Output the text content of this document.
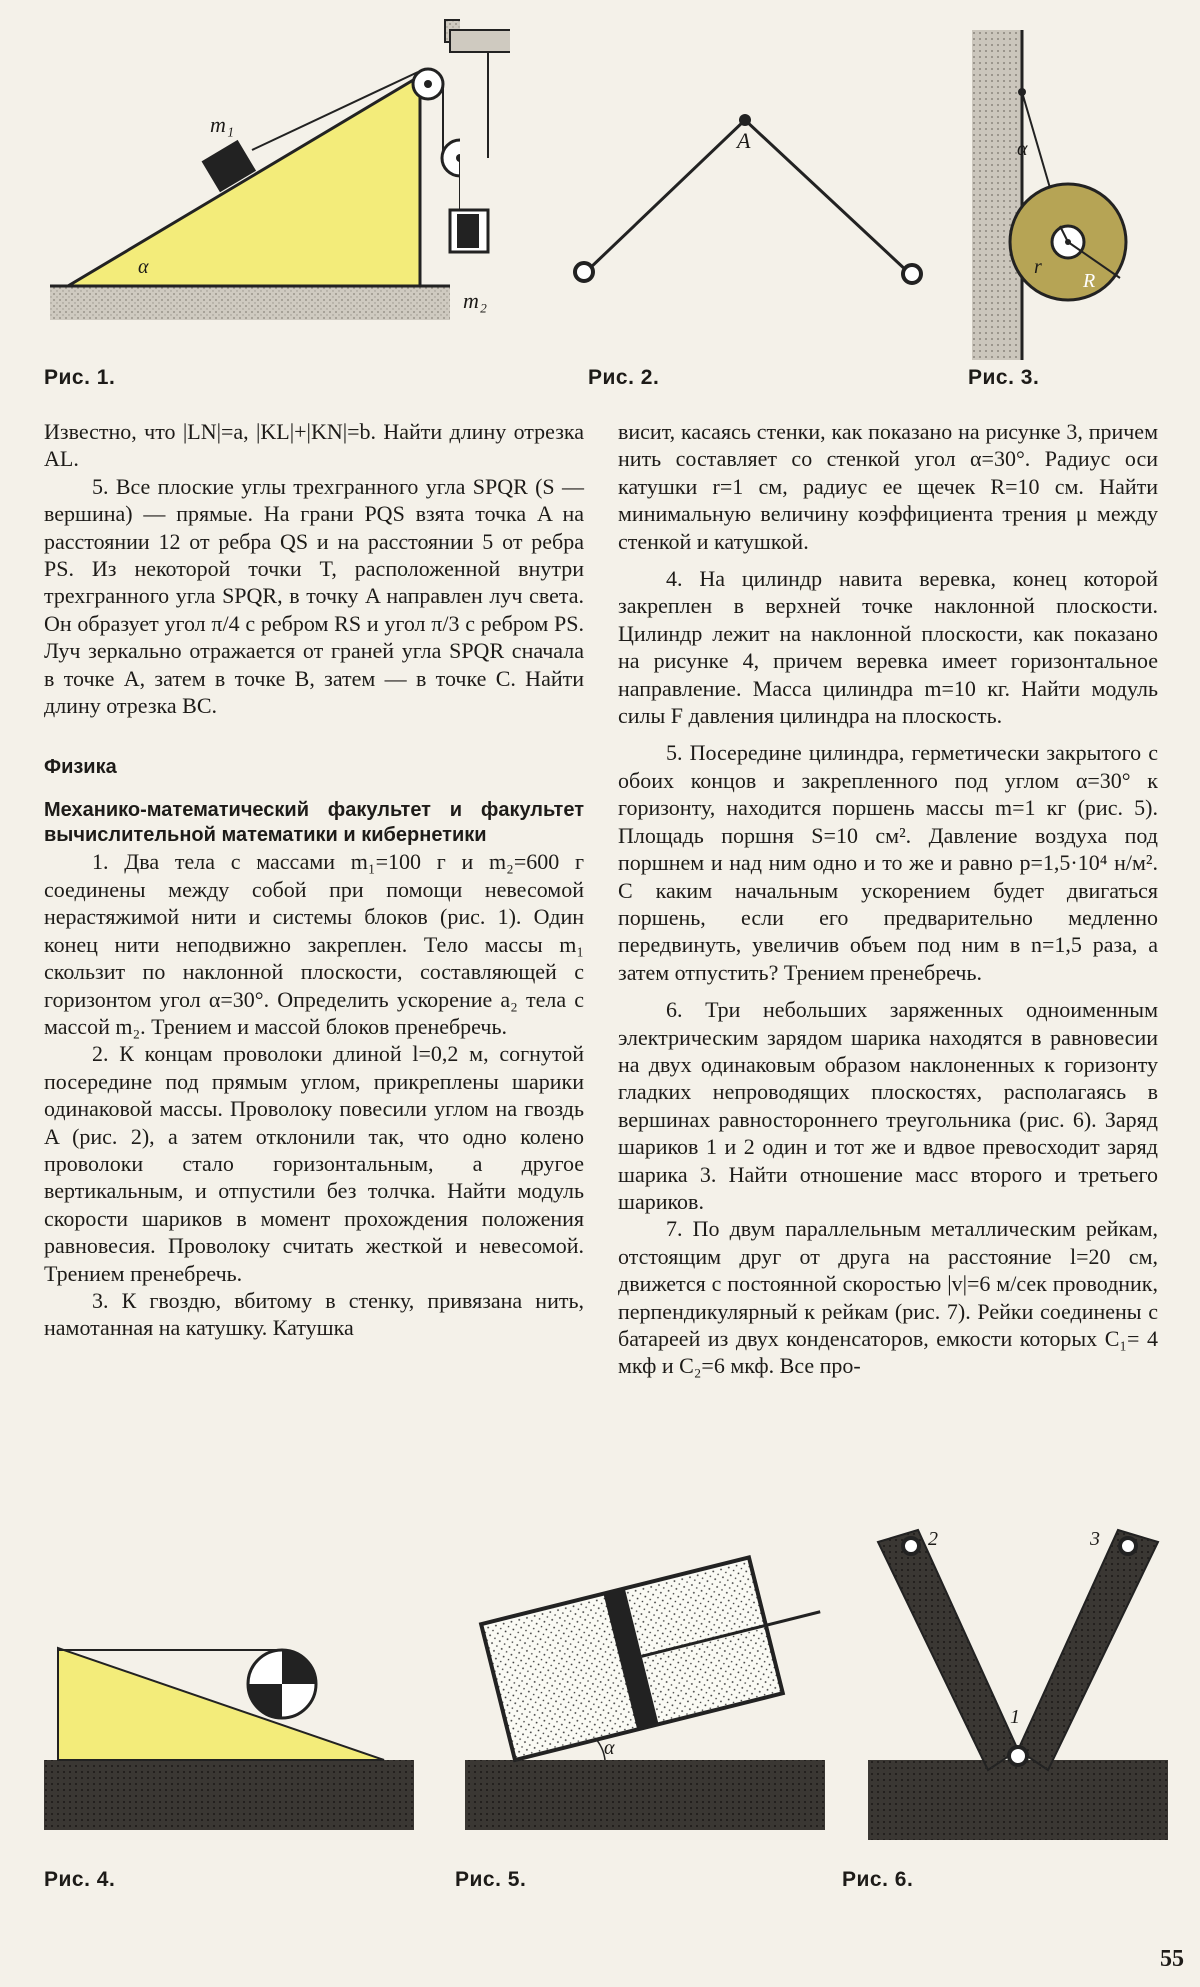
m₁
m₂
α
Рис. 1.
A
Рис. 2.
α
r
R
Рис. 3.

Известно, что |LN|=a, |KL|+|KN|=b. Найти длину отрезка AL.

5. Все плоские углы трехгранного угла SPQR (S — вершина) — прямые. На грани PQS взята точка A на расстоянии 12 от ребра QS и на расстоянии 5 от ребра PS. Из некоторой точки T, расположенной внутри трехгранного угла SPQR, в точку A направлен луч света. Он образует угол π/4 с ребром RS и угол π/3 с ребром PS. Луч зеркально отражается от граней угла SPQR сначала в точке A, затем в точке B, затем — в точке C. Найти длину отрезка BC.

Физика
Механико-математический факультет и факультет вычислительной математики и кибернетики

1. Два тела с массами m₁=100 г и m₂=600 г соединены между собой при помощи невесомой нерастяжимой нити и системы блоков (рис. 1). Один конец нити неподвижно закреплен. Тело массы m₁ скользит по наклонной плоскости, составляющей с горизонтом угол α=30°. Определить ускорение a₂ тела с массой m₂. Трением и массой блоков пренебречь.

2. К концам проволоки длиной l=0,2 м, согнутой посередине под прямым углом, прикреплены шарики одинаковой массы. Проволоку повесили углом на гвоздь A (рис. 2), а затем отклонили так, что одно колено проволоки стало горизонтальным, а другое вертикальным, и отпустили без толчка. Найти модуль скорости шариков в момент прохождения положения равновесия. Проволоку считать жесткой и невесомой. Трением пренебречь.

3. К гвоздю, вбитому в стенку, привязана нить, намотанная на катушку. Катушка

висит, касаясь стенки, как показано на рисунке 3, причем нить составляет со стенкой угол α=30°. Радиус оси катушки r=1 см, радиус ее щечек R=10 см. Найти минимальную величину коэффициента трения μ между стенкой и катушкой.

4. На цилиндр навита веревка, конец которой закреплен в верхней точке наклонной плоскости. Цилиндр лежит на наклонной плоскости, как показано на рисунке 4, причем веревка имеет горизонтальное направление. Масса цилиндра m=10 кг. Найти модуль силы F давления цилиндра на плоскость.

5. Посередине цилиндра, герметически закрытого с обоих концов и закрепленного под углом α=30° к горизонту, находится поршень массы m=1 кг (рис. 5). Площадь поршня S=10 см². Давление воздуха под поршнем и над ним одно и то же и равно p=1,5·10⁴ н/м². С каким начальным ускорением будет двигаться поршень, если его предварительно медленно передвинуть, увеличив объем под ним в n=1,5 раза, а затем отпустить? Трением пренебречь.

6. Три небольших заряженных одноименным электрическим зарядом шарика находятся в равновесии на двух одинаковым образом наклоненных к горизонту гладких непроводящих плоскостях, располагаясь в вершинах равностороннего треугольника (рис. 6). Заряд шариков 1 и 2 один и тот же и вдвое превосходит заряд шарика 3. Найти отношение масс второго и третьего шариков.

7. По двум параллельным металлическим рейкам, отстоящим друг от друга на расстояние l=20 см, движется с постоянной скоростью |v|=6 м/сек проводник, перпендикулярный к рейкам (рис. 7). Рейки соединены с батареей из двух конденсаторов, емкости которых C₁= 4 мкф и C₂=6 мкф. Все про-

Рис. 4.
α
Рис. 5.
1
2	3
Рис. 6.
55
